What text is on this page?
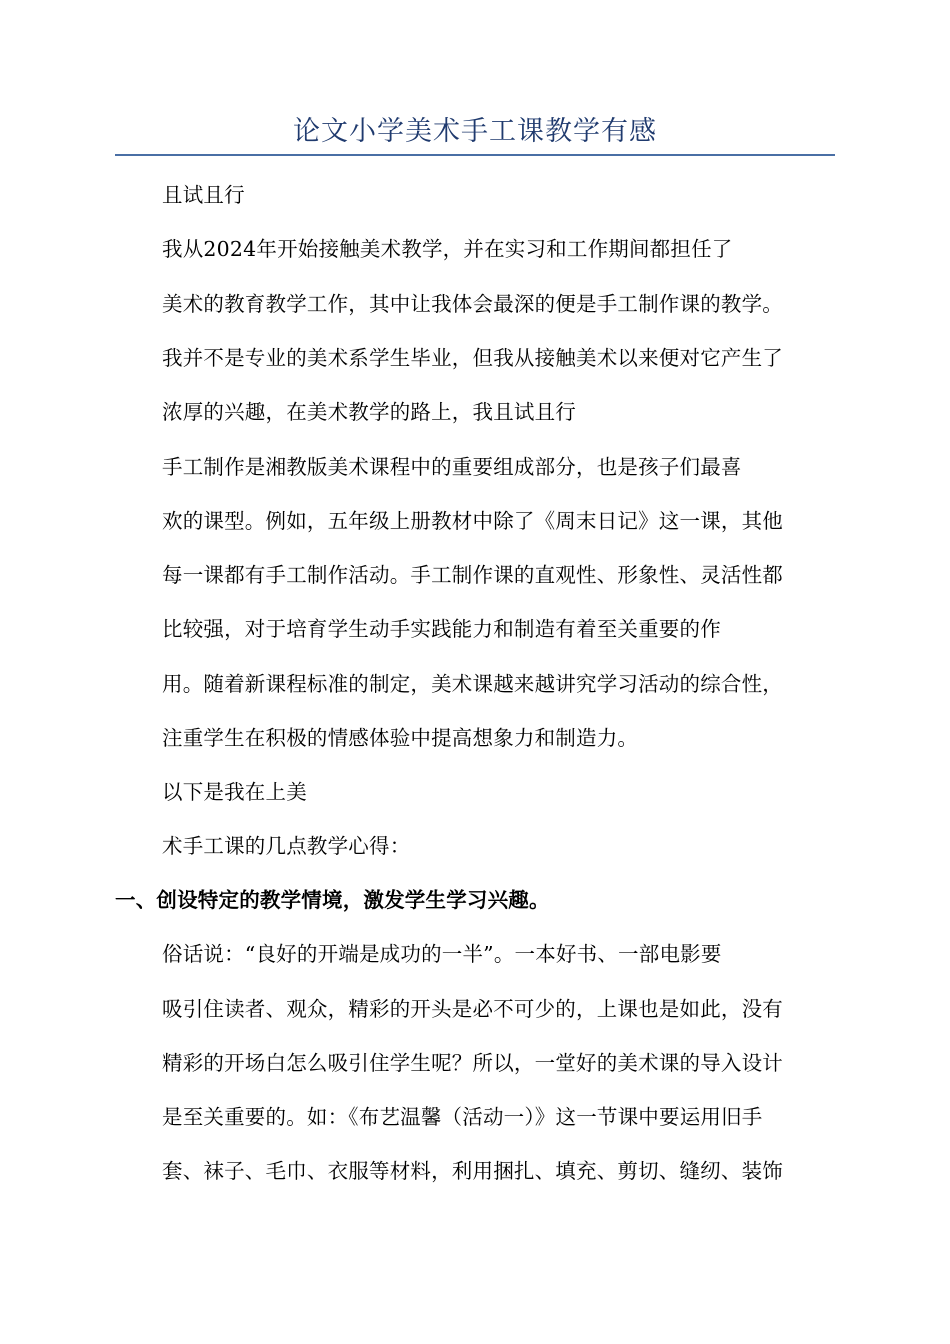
论文小学美术手工课教学有感
且试且行
我从2024年开始接触美术教学，并在实习和工作期间都担任了
美术的教育教学工作，其中让我体会最深的便是手工制作课的教学。
我并不是专业的美术系学生毕业，但我从接触美术以来便对它产生了
浓厚的兴趣，在美术教学的路上，我且试且行
手工制作是湘教版美术课程中的重要组成部分，也是孩子们最喜
欢的课型。例如，五年级上册教材中除了《周末日记》这一课，其他
每一课都有手工制作活动。手工制作课的直观性、形象性、灵活性都
比较强，对于培育学生动手实践能力和制造有着至关重要的作
用。随着新课程标准的制定，美术课越来越讲究学习活动的综合性，
注重学生在积极的情感体验中提高想象力和制造力。
以下是我在上美
术手工课的几点教学心得：
一、创设特定的教学情境，激发学生学习兴趣。
俗话说：“良好的开端是成功的一半”。一本好书、一部电影要
吸引住读者、观众，精彩的开头是必不可少的，上课也是如此，没有
精彩的开场白怎么吸引住学生呢？所以，一堂好的美术课的导入设计
是至关重要的。如：《布艺温馨（活动一）》这一节课中要运用旧手
套、袜子、毛巾、衣服等材料，利用捆扎、填充、剪切、缝纫、装饰
